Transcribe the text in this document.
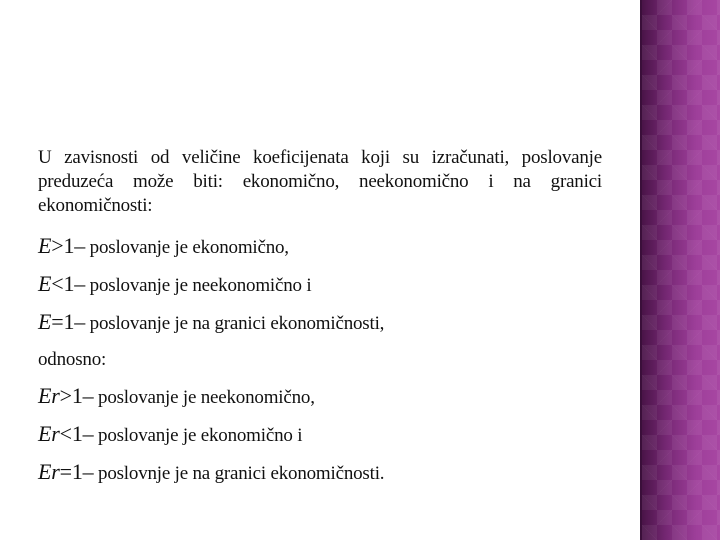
U zavisnosti od veličine koeficijenata koji su izračunati, poslovanje preduzeća može biti: ekonomično, neekonomično i na granici ekonomičnosti:

E>1– poslovanje je ekonomično,

E<1– poslovanje je neekonomično i

E=1– poslovanje je na granici ekonomičnosti,

odnosno:

Er>1– poslovanje je neekonomično,

Er<1– poslovanje je ekonomično i

Er=1– poslovnje je na granici ekonomičnosti.
